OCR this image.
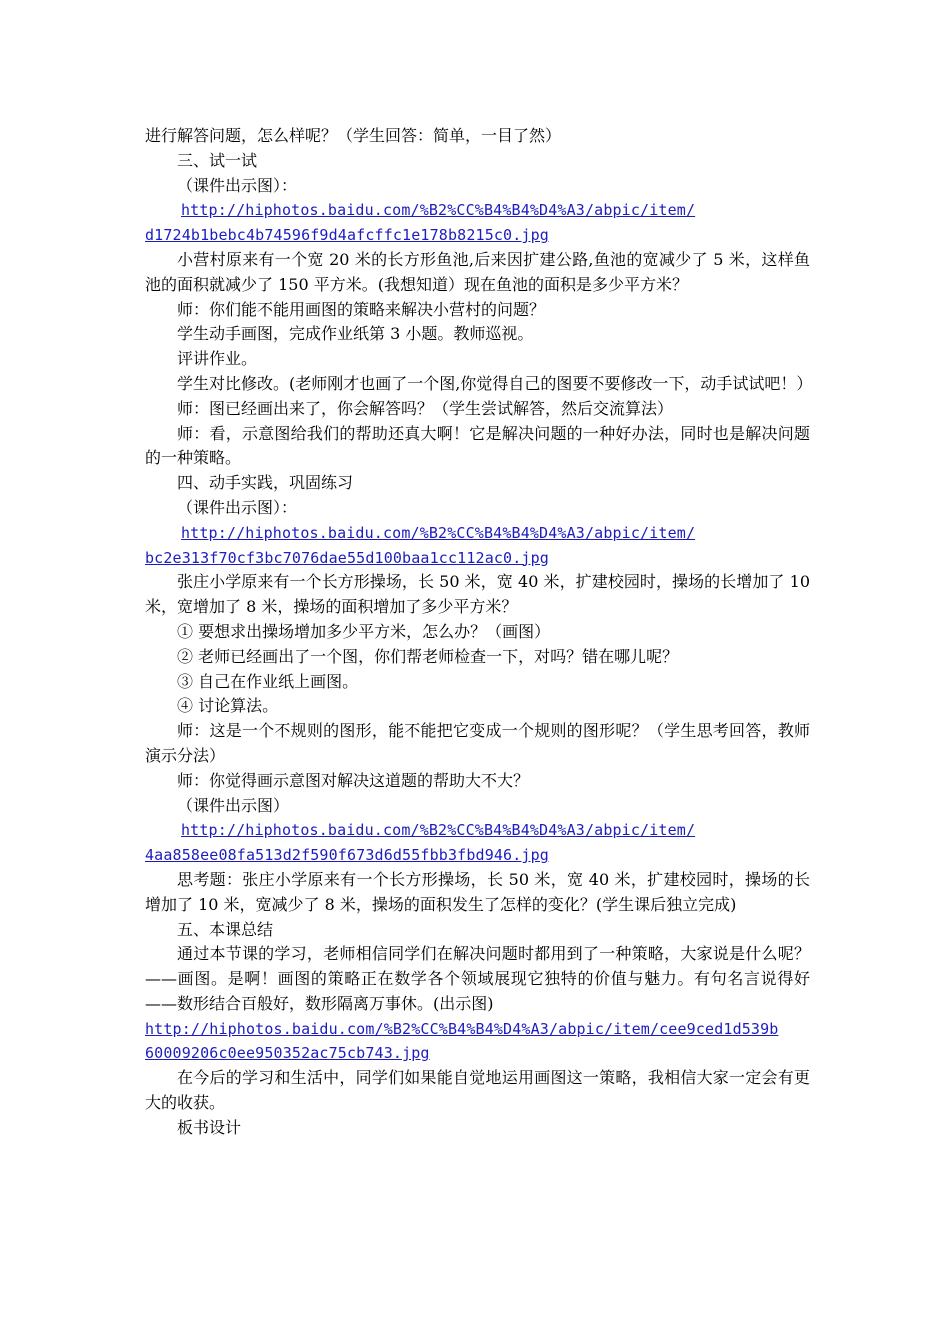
进行解答问题，怎么样呢？（学生回答：简单，一目了然）

三、试一试

（课件出示图）：

http://hiphotos.baidu.com/%B2%CC%B4%B4%D4%A3/abpic/item/
d1724b1bebc4b74596f9d4afcffc1e178b8215c0.jpg

小营村原来有一个宽 20 米的长方形鱼池,后来因扩建公路,鱼池的宽减少了 5 米，这样鱼池的面积就减少了 150 平方米。(我想知道）现在鱼池的面积是多少平方米？

师：你们能不能用画图的策略来解决小营村的问题？

学生动手画图，完成作业纸第 3 小题。教师巡视。

评讲作业。

学生对比修改。(老师刚才也画了一个图,你觉得自己的图要不要修改一下，动手试试吧！）

师：图已经画出来了，你会解答吗？（学生尝试解答，然后交流算法）

师：看，示意图给我们的帮助还真大啊！它是解决问题的一种好办法，同时也是解决问题的一种策略。

四、动手实践，巩固练习

（课件出示图）：

http://hiphotos.baidu.com/%B2%CC%B4%B4%D4%A3/abpic/item/
bc2e313f70cf3bc7076dae55d100baa1cc112ac0.jpg

张庄小学原来有一个长方形操场，长 50 米，宽 40 米，扩建校园时，操场的长增加了 10 米，宽增加了 8 米，操场的面积增加了多少平方米？

① 要想求出操场增加多少平方米，怎么办？（画图）

② 老师已经画出了一个图，你们帮老师检查一下，对吗？错在哪儿呢？

③ 自己在作业纸上画图。

④ 讨论算法。

师：这是一个不规则的图形，能不能把它变成一个规则的图形呢？（学生思考回答，教师演示分法）

师：你觉得画示意图对解决这道题的帮助大不大？

（课件出示图）

http://hiphotos.baidu.com/%B2%CC%B4%B4%D4%A3/abpic/item/
4aa858ee08fa513d2f590f673d6d55fbb3fbd946.jpg

思考题：张庄小学原来有一个长方形操场，长 50 米，宽 40 米，扩建校园时，操场的长增加了 10 米，宽减少了 8 米，操场的面积发生了怎样的变化？(学生课后独立完成)

五、本课总结

通过本节课的学习，老师相信同学们在解决问题时都用到了一种策略，大家说是什么呢？——画图。是啊！画图的策略正在数学各个领域展现它独特的价值与魅力。有句名言说得好——数形结合百般好，数形隔离万事休。(出示图)

http://hiphotos.baidu.com/%B2%CC%B4%B4%D4%A3/abpic/item/cee9ced1d539b
60009206c0ee950352ac75cb743.jpg

在今后的学习和生活中，同学们如果能自觉地运用画图这一策略，我相信大家一定会有更大的收获。

板书设计
